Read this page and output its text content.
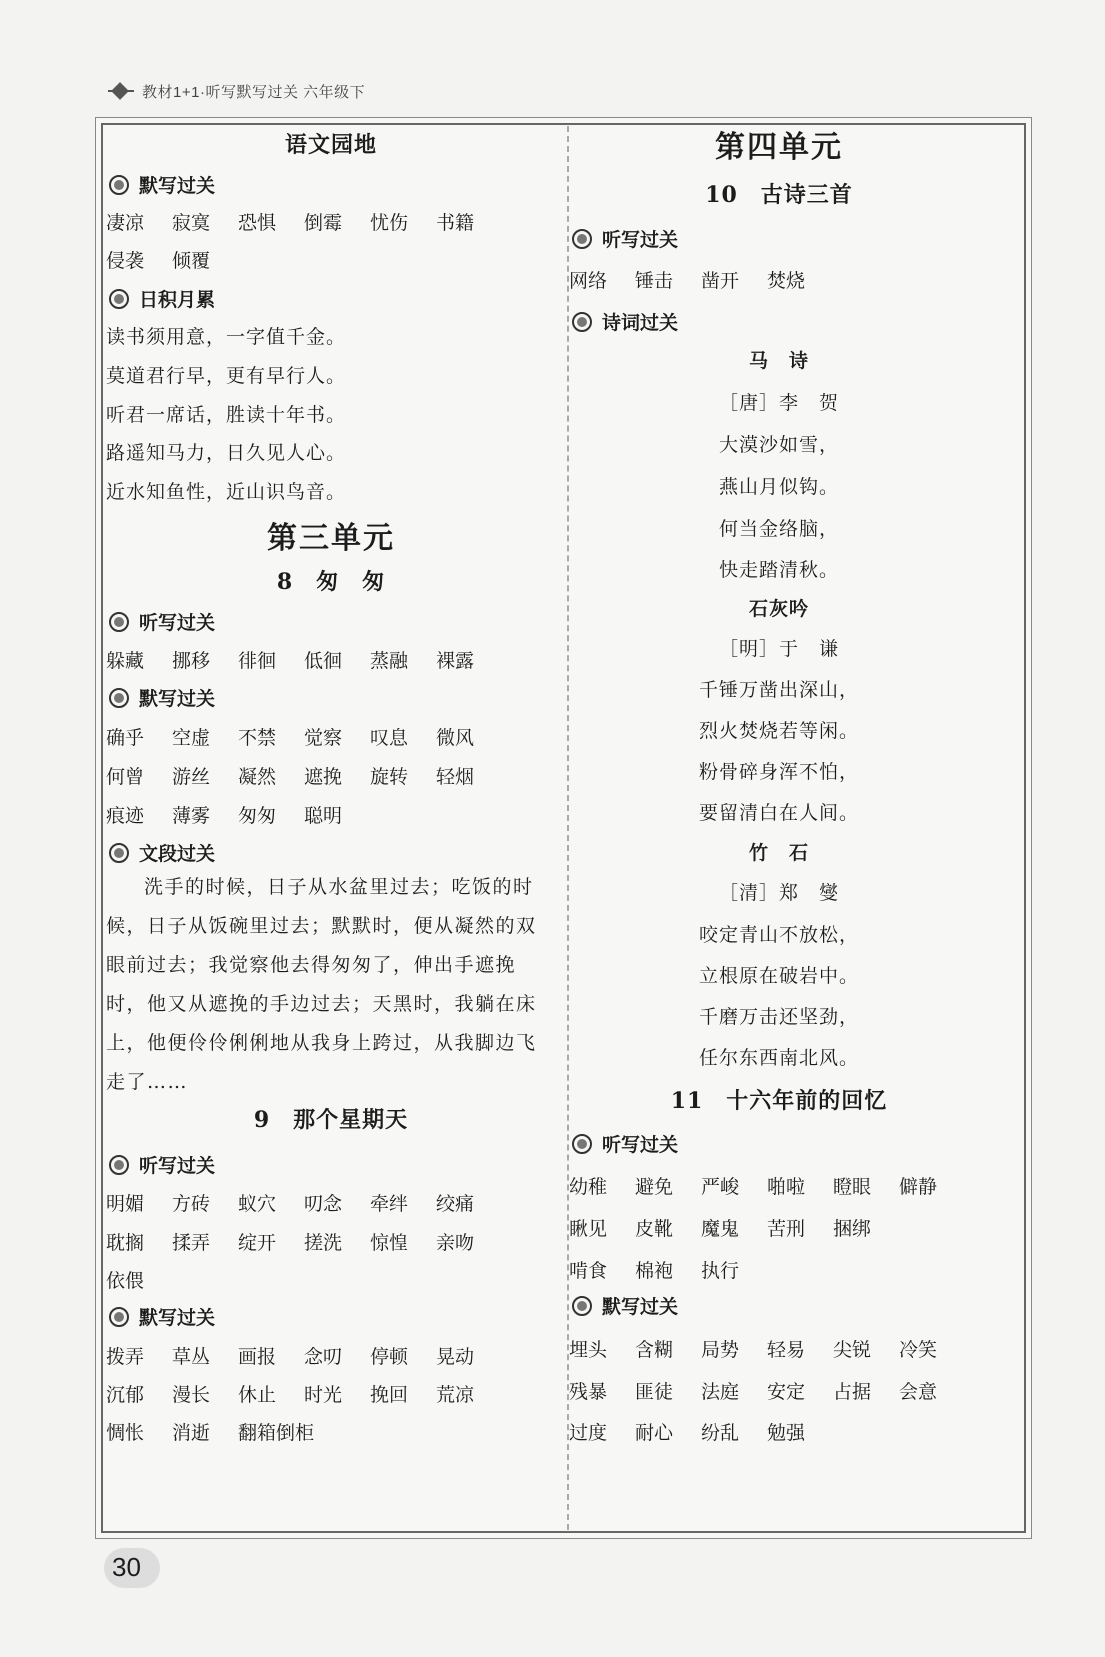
教材1+1·听写默写过关 六年级下
语文园地
默写过关
凄凉	寂寞	恐惧	倒霉	忧伤	书籍
侵袭	倾覆
日积月累
读书须用意，一字值千金。
莫道君行早，更有早行人。
听君一席话，胜读十年书。
路遥知马力，日久见人心。
近水知鱼性，近山识鸟音。
第三单元
8　匆　匆
听写过关
躲藏	挪移	徘徊	低徊	蒸融	裸露
默写过关
确乎	空虚	不禁	觉察	叹息	微风
何曾	游丝	凝然	遮挽	旋转	轻烟
痕迹	薄雾	匆匆	聪明
文段过关
洗手的时候，日子从水盆里过去；吃饭的时候，日子从饭碗里过去；默默时，便从凝然的双眼前过去；我觉察他去得匆匆了，伸出手遮挽时，他又从遮挽的手边过去；天黑时，我躺在床上，他便伶伶俐俐地从我身上跨过，从我脚边飞走了……
9　那个星期天
听写过关
明媚	方砖	蚁穴	叨念	牵绊	绞痛
耽搁	揉弄	绽开	搓洗	惊惶	亲吻
依偎
默写过关
拨弄	草丛	画报	念叨	停顿	晃动
沉郁	漫长	休止	时光	挽回	荒凉
惆怅	消逝	翻箱倒柜
第四单元
10　古诗三首
听写过关
网络	锤击	凿开	焚烧
诗词过关
马　诗
［唐］李　贺
大漠沙如雪，
燕山月似钩。
何当金络脑，
快走踏清秋。
石灰吟
［明］于　谦
千锤万凿出深山，
烈火焚烧若等闲。
粉骨碎身浑不怕，
要留清白在人间。
竹　石
［清］郑　燮
咬定青山不放松，
立根原在破岩中。
千磨万击还坚劲，
任尔东西南北风。
11　十六年前的回忆
听写过关
幼稚	避免	严峻	啪啦	瞪眼	僻静
瞅见	皮靴	魔鬼	苦刑	捆绑
啃食	棉袍	执行
默写过关
埋头	含糊	局势	轻易	尖锐	冷笑
残暴	匪徒	法庭	安定	占据	会意
过度	耐心	纷乱	勉强
30
